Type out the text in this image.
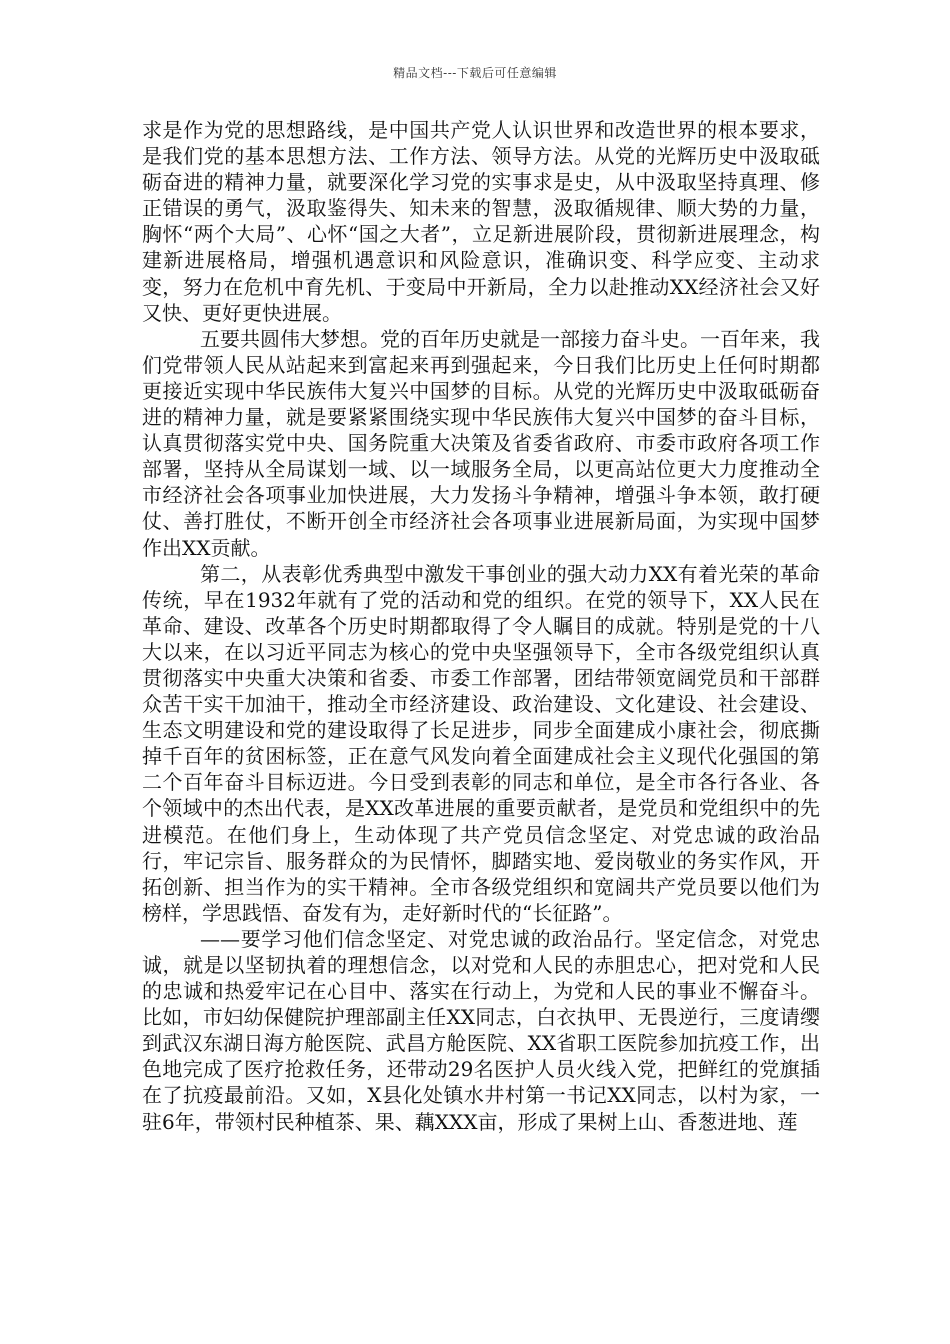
精品文档---下载后可任意编辑

求是作为党的思想路线，是中国共产党人认识世界和改造世界的根本要求，是我们党的基本思想方法、工作方法、领导方法。从党的光辉历史中汲取砥砺奋进的精神力量，就要深化学习党的实事求是史，从中汲取坚持真理、修正错误的勇气，汲取鉴得失、知未来的智慧，汲取循规律、顺大势的力量，胸怀“两个大局”、心怀“国之大者”，立足新进展阶段，贯彻新进展理念，构建新进展格局，增强机遇意识和风险意识，准确识变、科学应变、主动求变，努力在危机中育先机、于变局中开新局，全力以赴推动XX经济社会又好又快、更好更快进展。

五要共圆伟大梦想。党的百年历史就是一部接力奋斗史。一百年来，我们党带领人民从站起来到富起来再到强起来，今日我们比历史上任何时期都更接近实现中华民族伟大复兴中国梦的目标。从党的光辉历史中汲取砥砺奋进的精神力量，就是要紧紧围绕实现中华民族伟大复兴中国梦的奋斗目标，认真贯彻落实党中央、国务院重大决策及省委省政府、市委市政府各项工作部署，坚持从全局谋划一域、以一域服务全局，以更高站位更大力度推动全市经济社会各项事业加快进展，大力发扬斗争精神，增强斗争本领，敢打硬仗、善打胜仗，不断开创全市经济社会各项事业进展新局面，为实现中国梦作出XX贡献。

第二，从表彰优秀典型中激发干事创业的强大动力XX有着光荣的革命传统，早在1932年就有了党的活动和党的组织。在党的领导下，XX人民在革命、建设、改革各个历史时期都取得了令人瞩目的成就。特别是党的十八大以来，在以习近平同志为核心的党中央坚强领导下，全市各级党组织认真贯彻落实中央重大决策和省委、市委工作部署，团结带领宽阔党员和干部群众苦干实干加油干，推动全市经济建设、政治建设、文化建设、社会建设、生态文明建设和党的建设取得了长足进步，同步全面建成小康社会，彻底撕掉千百年的贫困标签，正在意气风发向着全面建成社会主义现代化强国的第二个百年奋斗目标迈进。今日受到表彰的同志和单位，是全市各行各业、各个领域中的杰出代表，是XX改革进展的重要贡献者，是党员和党组织中的先进模范。在他们身上，生动体现了共产党员信念坚定、对党忠诚的政治品行，牢记宗旨、服务群众的为民情怀，脚踏实地、爱岗敬业的务实作风，开拓创新、担当作为的实干精神。全市各级党组织和宽阔共产党员要以他们为榜样，学思践悟、奋发有为，走好新时代的“长征路”。

——要学习他们信念坚定、对党忠诚的政治品行。坚定信念，对党忠诚，就是以坚韧执着的理想信念，以对党和人民的赤胆忠心，把对党和人民的忠诚和热爱牢记在心目中、落实在行动上，为党和人民的事业不懈奋斗。比如，市妇幼保健院护理部副主任XX同志，白衣执甲、无畏逆行，三度请缨到武汉东湖日海方舱医院、武昌方舱医院、XX省职工医院参加抗疫工作，出色地完成了医疗抢救任务，还带动29名医护人员火线入党，把鲜红的党旗插在了抗疫最前沿。又如，X县化处镇水井村第一书记XX同志，以村为家，一驻6年，带领村民种植茶、果、藕XXX亩，形成了果树上山、香葱进地、莲
